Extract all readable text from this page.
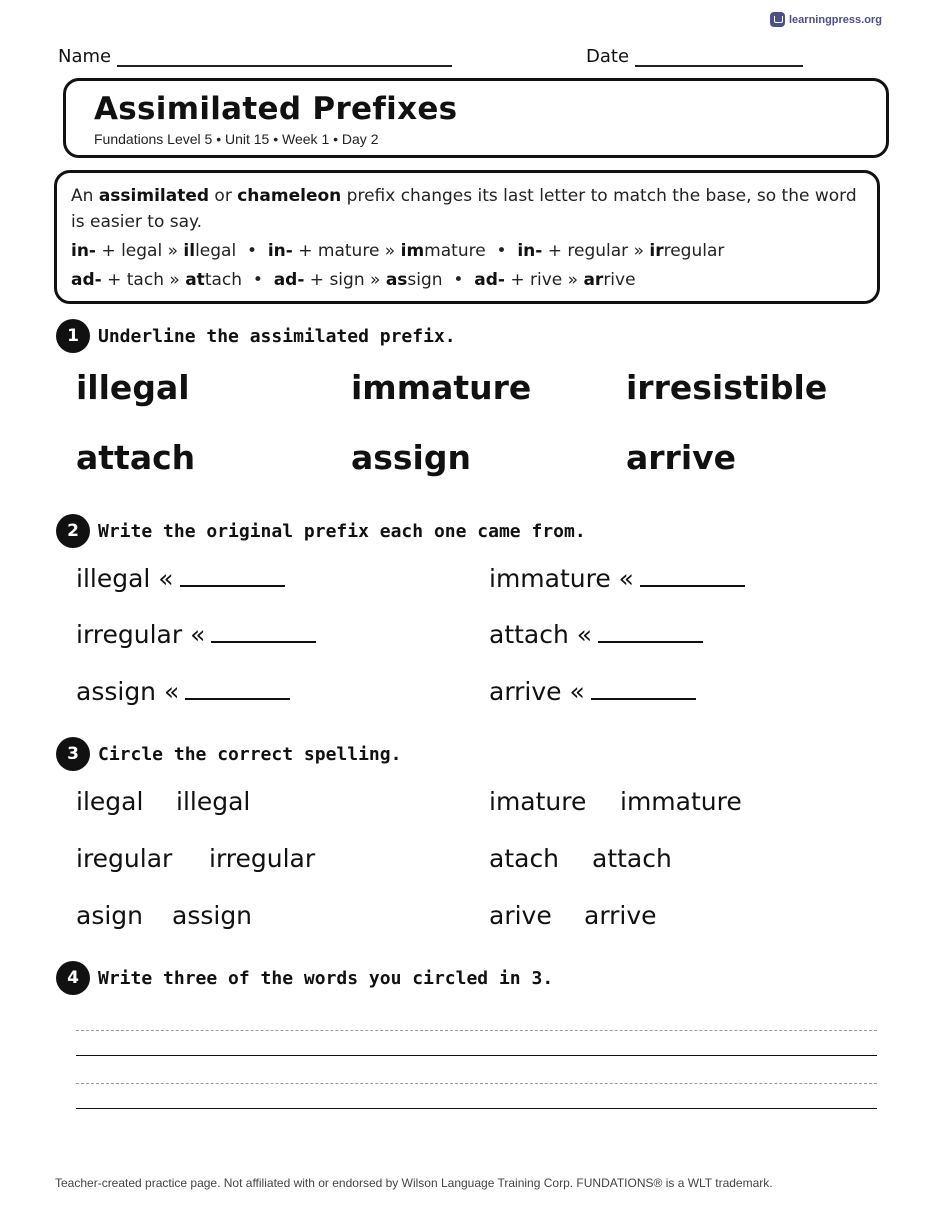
learningpress.org
Name	Date
Assimilated Prefixes
Fundations Level 5 • Unit 15 • Week 1 • Day 2
An assimilated or chameleon prefix changes its last letter to match the base, so the word is easier to say.
in- + legal » illegal  •  in- + mature » immature  •  in- + regular » irregular
ad- + tach » attach  •  ad- + sign » assign  •  ad- + rive » arrive
1	Underline the assimilated prefix.
illegal	immature	irresistible
attach	assign	arrive
2	Write the original prefix each one came from.
illegal «	immature «
irregular «	attach «
assign «	arrive «
3	Circle the correct spelling.
ilegal illegal	imature immature
iregular irregular	atach attach
asign assign	arive arrive
4	Write three of the words you circled in 3.
Teacher-created practice page. Not affiliated with or endorsed by Wilson Language Training Corp. FUNDATIONS® is a WLT trademark.
